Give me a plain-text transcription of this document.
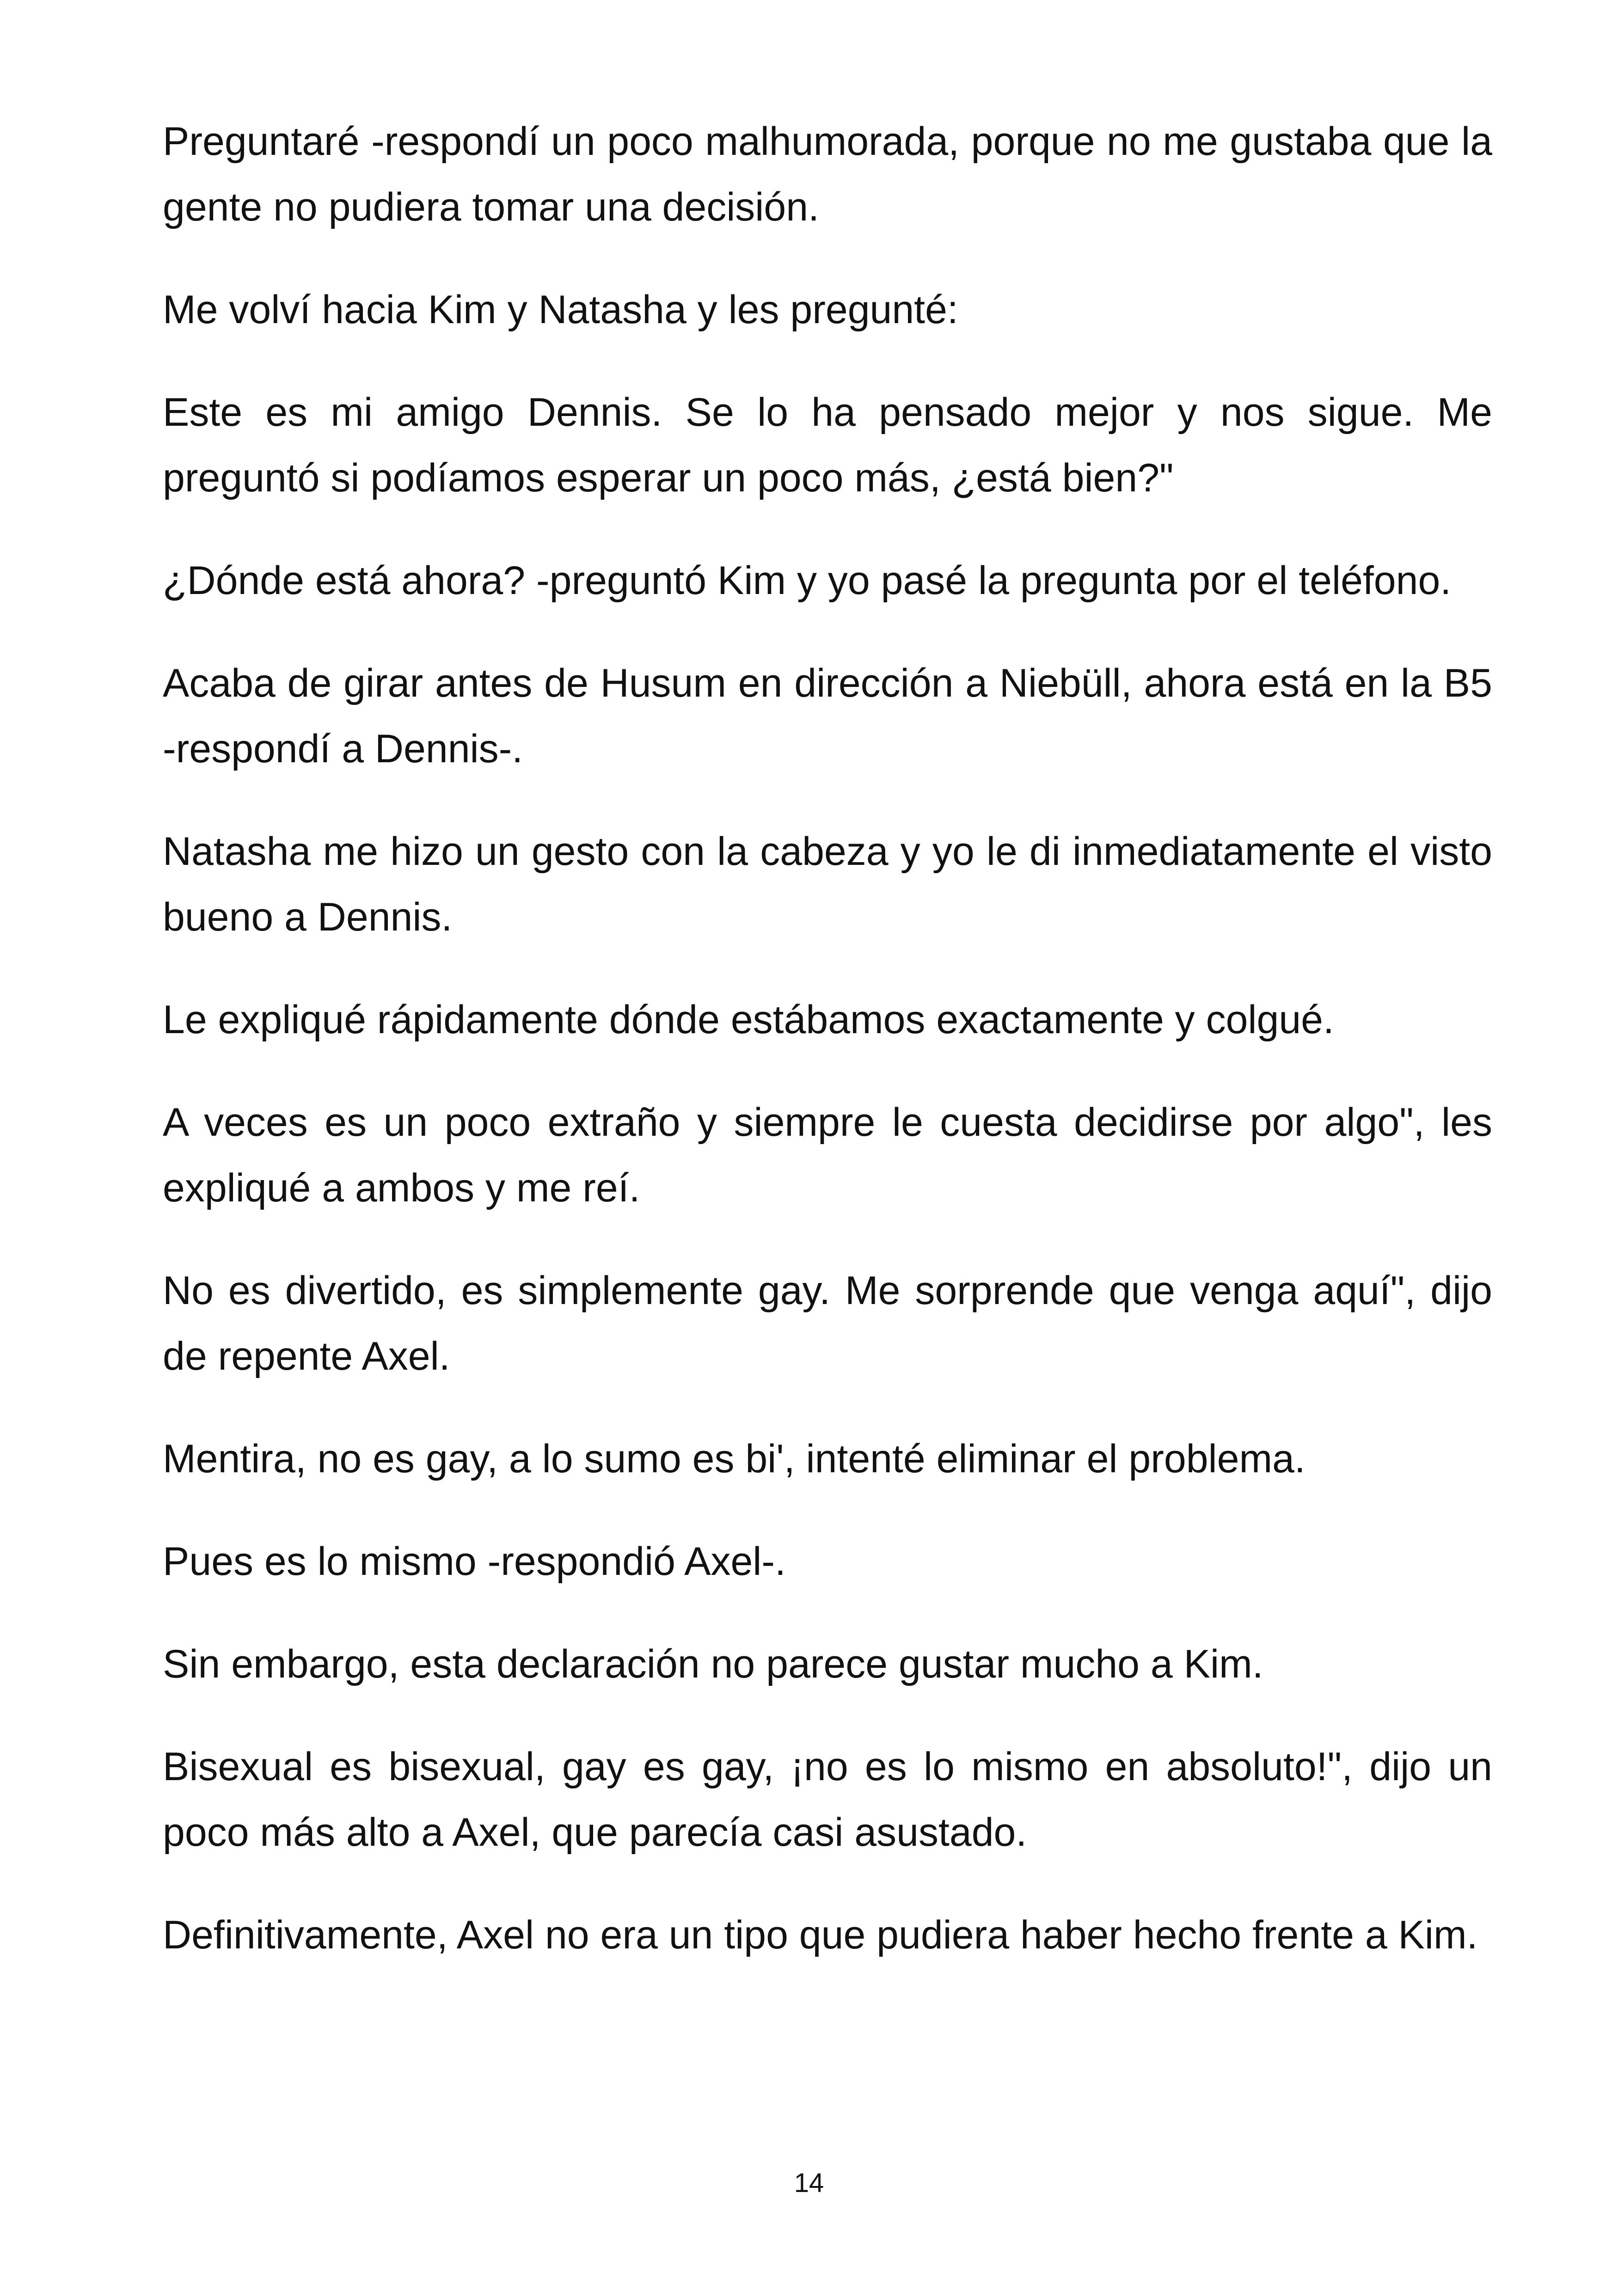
Preguntaré -respondí un poco malhumorada, porque no me gustaba que la gente no pudiera tomar una decisión.

Me volví hacia Kim y Natasha y les pregunté:

Este es mi amigo Dennis. Se lo ha pensado mejor y nos sigue. Me preguntó si podíamos esperar un poco más, ¿está bien?"

¿Dónde está ahora? -preguntó Kim y yo pasé la pregunta por el teléfono.

Acaba de girar antes de Husum en dirección a Niebüll, ahora está en la B5 -respondí a Dennis-.

Natasha me hizo un gesto con la cabeza y yo le di inmediatamente el visto bueno a Dennis.

Le expliqué rápidamente dónde estábamos exactamente y colgué.

A veces es un poco extraño y siempre le cuesta decidirse por algo", les expliqué a ambos y me reí.

No es divertido, es simplemente gay. Me sorprende que venga aquí", dijo de repente Axel.

Mentira, no es gay, a lo sumo es bi', intenté eliminar el problema.

Pues es lo mismo -respondió Axel-.

Sin embargo, esta declaración no parece gustar mucho a Kim.

Bisexual es bisexual, gay es gay, ¡no es lo mismo en absoluto!", dijo un poco más alto a Axel, que parecía casi asustado.

Definitivamente, Axel no era un tipo que pudiera haber hecho frente a Kim.

14
